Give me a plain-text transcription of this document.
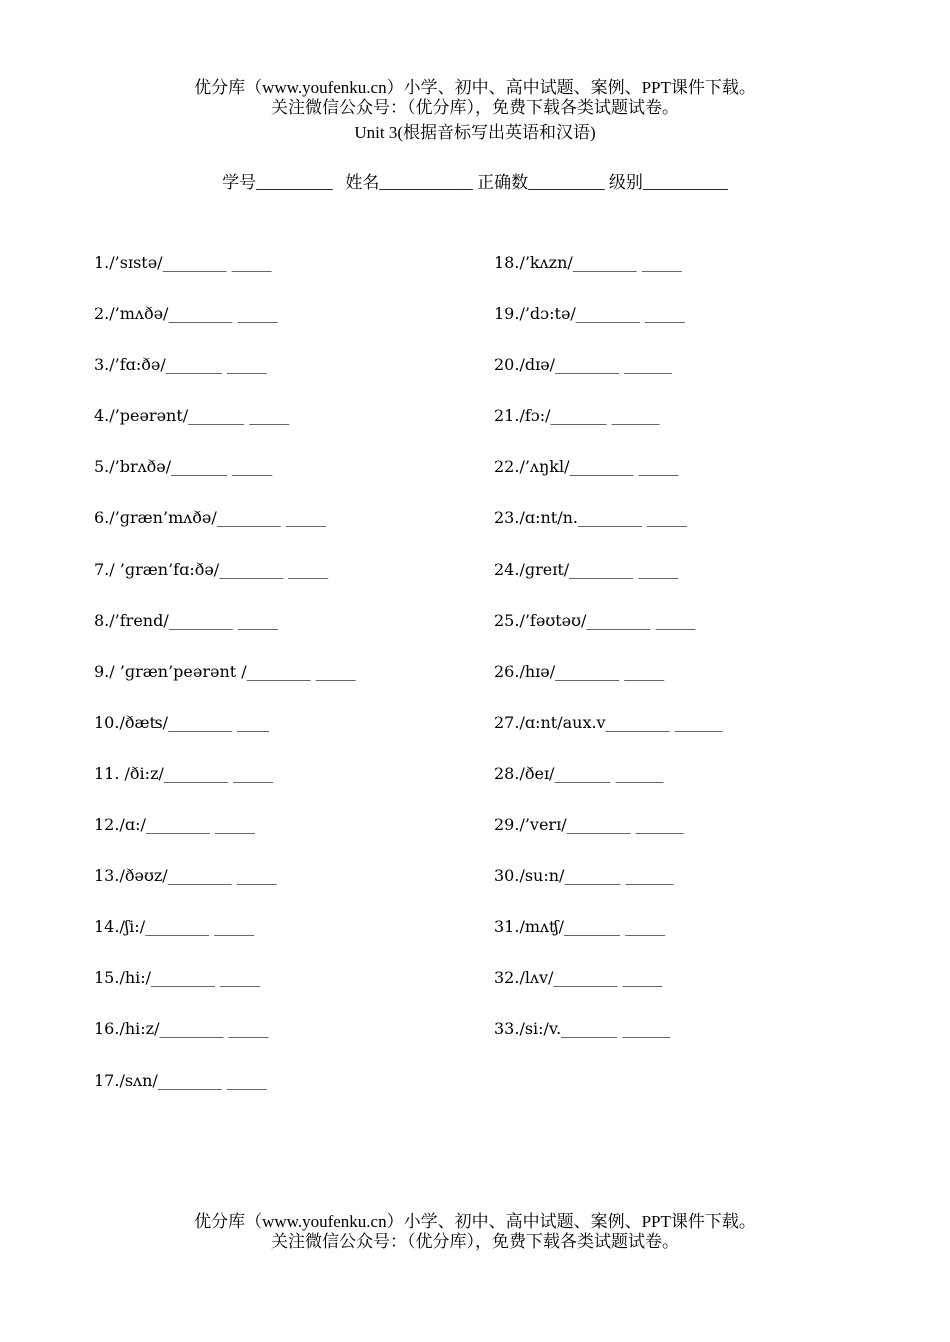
优分库（www.youfenku.cn）小学、初中、高中试题、案例、PPT课件下载。
关注微信公众号：（优分库），免费下载各类试题试卷。
Unit 3(根据音标写出英语和汉语)
学号_________   姓名___________ 正确数_________ 级别__________
1./’sɪstə/________ _____
2./’mʌðə/________ _____
3./’fɑ:ðə/_______ _____
4./’peərənt/_______ _____
5./’brʌðə/_______ _____
6./’ɡræn’mʌðə/________ _____
7./ ’ɡræn’fɑ:ðə/________ _____
8./’frend/________ _____
9./ ’ɡræn’peərənt /________ _____
10./ðæʦ/________ ____
11. /ði:z/________ _____
12./ɑ:/________ _____
13./ðəʊz/________ _____
14./ʃi:/________ _____
15./hi:/________ _____
16./hi:z/________ _____
17./sʌn/________ _____
18./’kʌzn/________ _____
19./’dɔ:tə/________ _____
20./dɪə/________ ______
21./fɔ:/_______ ______
22./’ʌŋkl/________ _____
23./ɑ:nt/n.________ _____
24./ɡreɪt/________ _____
25./’fəʊtəʊ/________ _____
26./hɪə/________ _____
27./ɑ:nt/aux.v________ ______
28./ðeɪ/_______ ______
29./’verɪ/________ ______
30./su:n/_______ ______
31./mʌʧ/_______ _____
32./lʌv/________ _____
33./si:/v._______ ______
优分库（www.youfenku.cn）小学、初中、高中试题、案例、PPT课件下载。
关注微信公众号：（优分库），免费下载各类试题试卷。
